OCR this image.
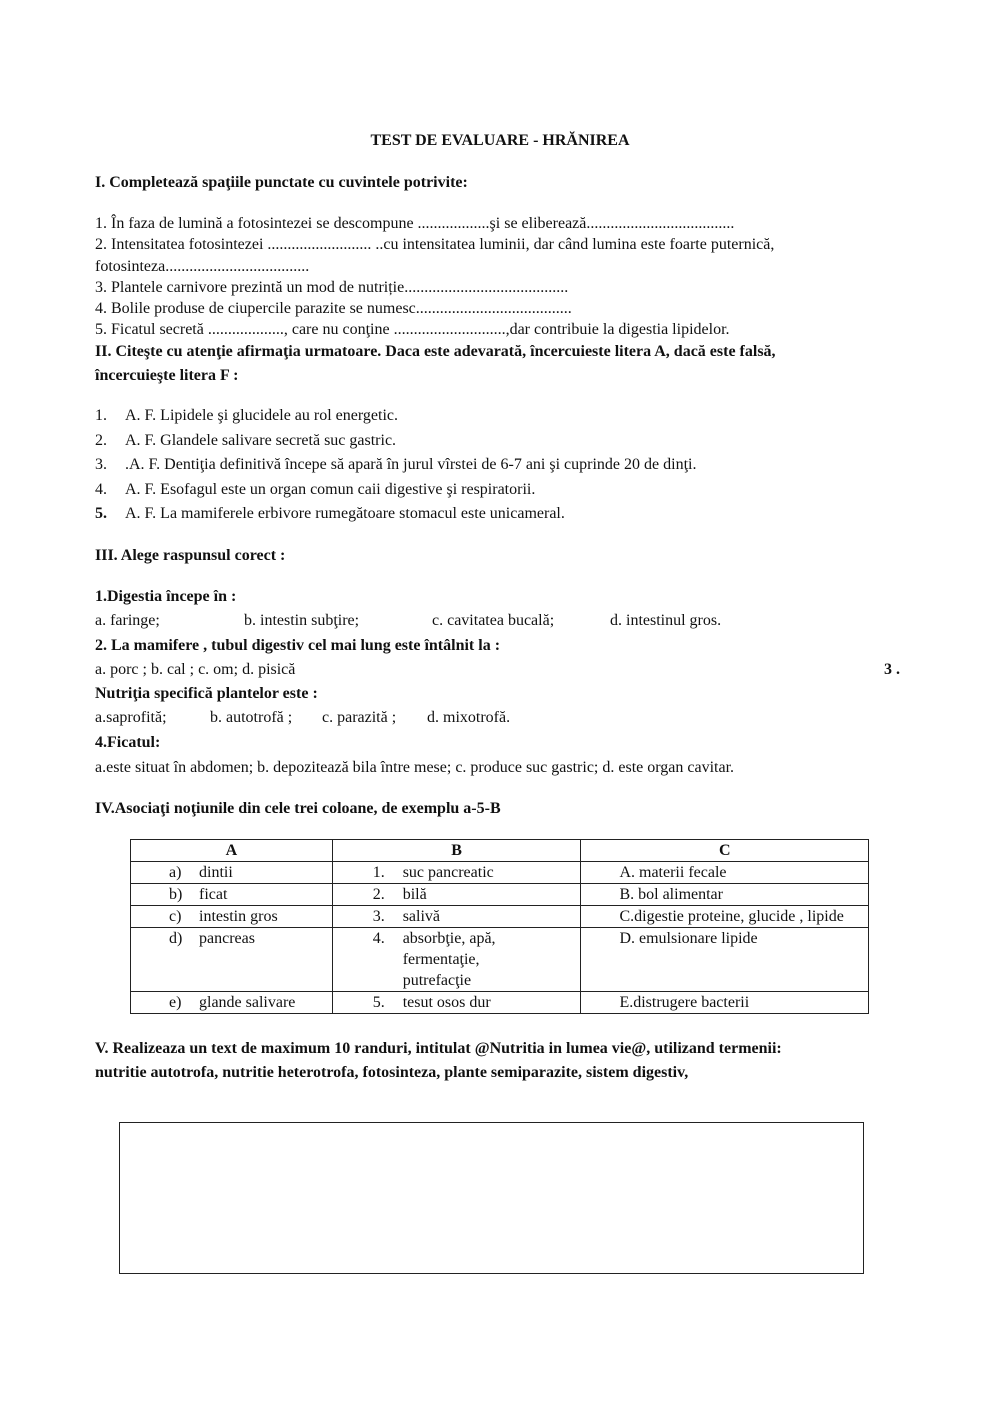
TEST DE EVALUARE - HRĂNIREA
I. Completează spaţiile punctate cu cuvintele potrivite:
1. În faza de lumină a fotosintezei se descompune ..................şi se eliberează.....................................
2. Intensitatea fotosintezei .......................... ..cu intensitatea luminii, dar când lumina este foarte puternică,
fotosinteza....................................
3. Plantele carnivore prezintă un mod de nutriție.........................................
4. Bolile produse de ciupercile parazite se numesc.......................................
5. Ficatul secretă ..................., care nu conţine ............................,dar contribuie la digestia lipidelor.
II. Citeşte cu atenţie afirmaţia urmatoare. Daca este adevarată, încercuieste litera A, dacă este falsă,
încercuieşte litera F :
1. A. F. Lipidele şi glucidele au rol energetic.
2. A. F. Glandele salivare secretă suc gastric.
3. .A. F. Dentiţia definitivă începe să apară în jurul vîrstei de 6-7 ani şi cuprinde 20 de dinţi.
4. A. F. Esofagul este un organ comun caii digestive şi respiratorii.
5. A. F. La mamiferele erbivore rumegătoare stomacul este unicameral.
III. Alege raspunsul corect :
1.Digestia începe în :
a. faringe;	b. intestin subţire;	c. cavitatea bucală;	d. intestinul gros.
2. La mamifere , tubul digestiv cel mai lung este întâlnit la :
a. porc ; b. cal ; c. om; d. pisică	3 .
Nutriţia specifică plantelor este :
a.saprofită;	b. autotrofă ; c. parazită ; d. mixotrofă.
4.Ficatul:
a.este situat în abdomen; b. depozitează bila între mese; c. produce suc gastric; d. este organ cavitar.
IV.Asociaţi noţiunile din cele trei coloane, de exemplu a-5-B
A	B	C
a) dintii	1. suc pancreatic	A. materii fecale
b) ficat	2. bilă	B. bol alimentar
c) intestin gros	3. salivă	C.digestie proteine, glucide , lipide
d) pancreas	4. absorbţie, apă, fermentaţie, putrefacţie	D. emulsionare lipide
e) glande salivare	5. tesut osos dur	E.distrugere bacterii
V. Realizeaza un text de maximum 10 randuri, intitulat @Nutritia in lumea vie@, utilizand termenii:
nutritie autotrofa, nutritie heterotrofa, fotosinteza, plante semiparazite, sistem digestiv,
